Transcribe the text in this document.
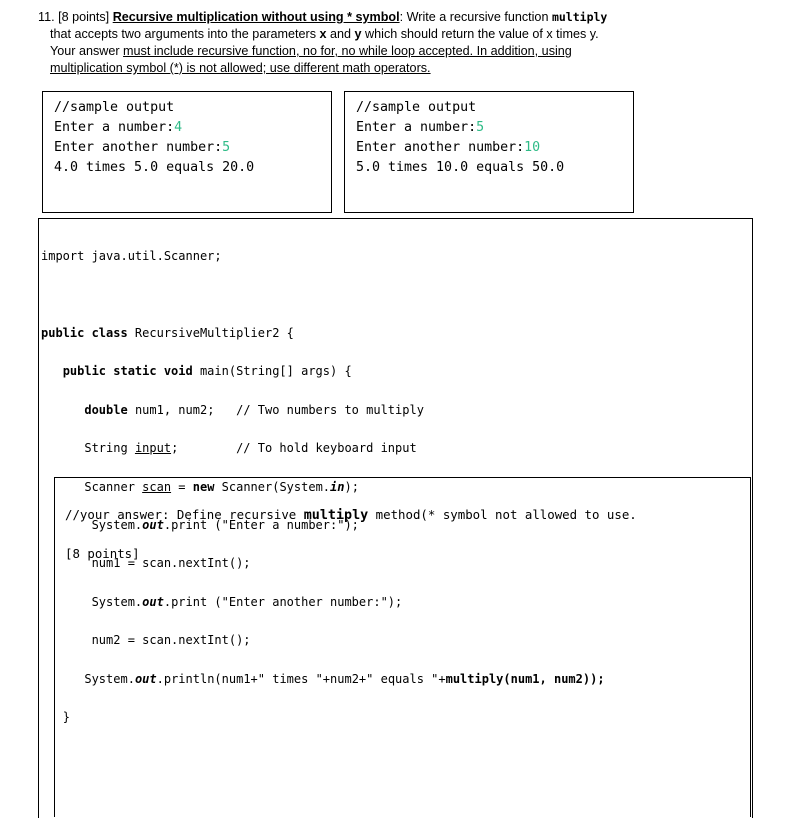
11. [8 points] Recursive multiplication without using * symbol: Write a recursive function multiply
that accepts two arguments into the parameters x and y which should return the value of x times y.
Your answer must include recursive function, no for, no while loop accepted. In addition, using
multiplication symbol (*) is not allowed; use different math operators.
//sample output
Enter a number:4
Enter another number:5
4.0 times 5.0 equals 20.0
//sample output
Enter a number:5
Enter another number:10
5.0 times 10.0 equals 50.0

import java.util.Scanner;

public class RecursiveMultiplier2 {

public static void main(String[] args) {

double num1, num2;   // Two numbers to multiply

String input;        // To hold keyboard input

Scanner scan = new Scanner(System.in);

System.out.print ("Enter a number:");

num1 = scan.nextInt();

System.out.print ("Enter another number:");

num2 = scan.nextInt();

System.out.println(num1+" times "+num2+" equals "+multiply(num1, num2));

}

//your answer: Define recursive multiply method(* symbol not allowed to use.

[8 points]
